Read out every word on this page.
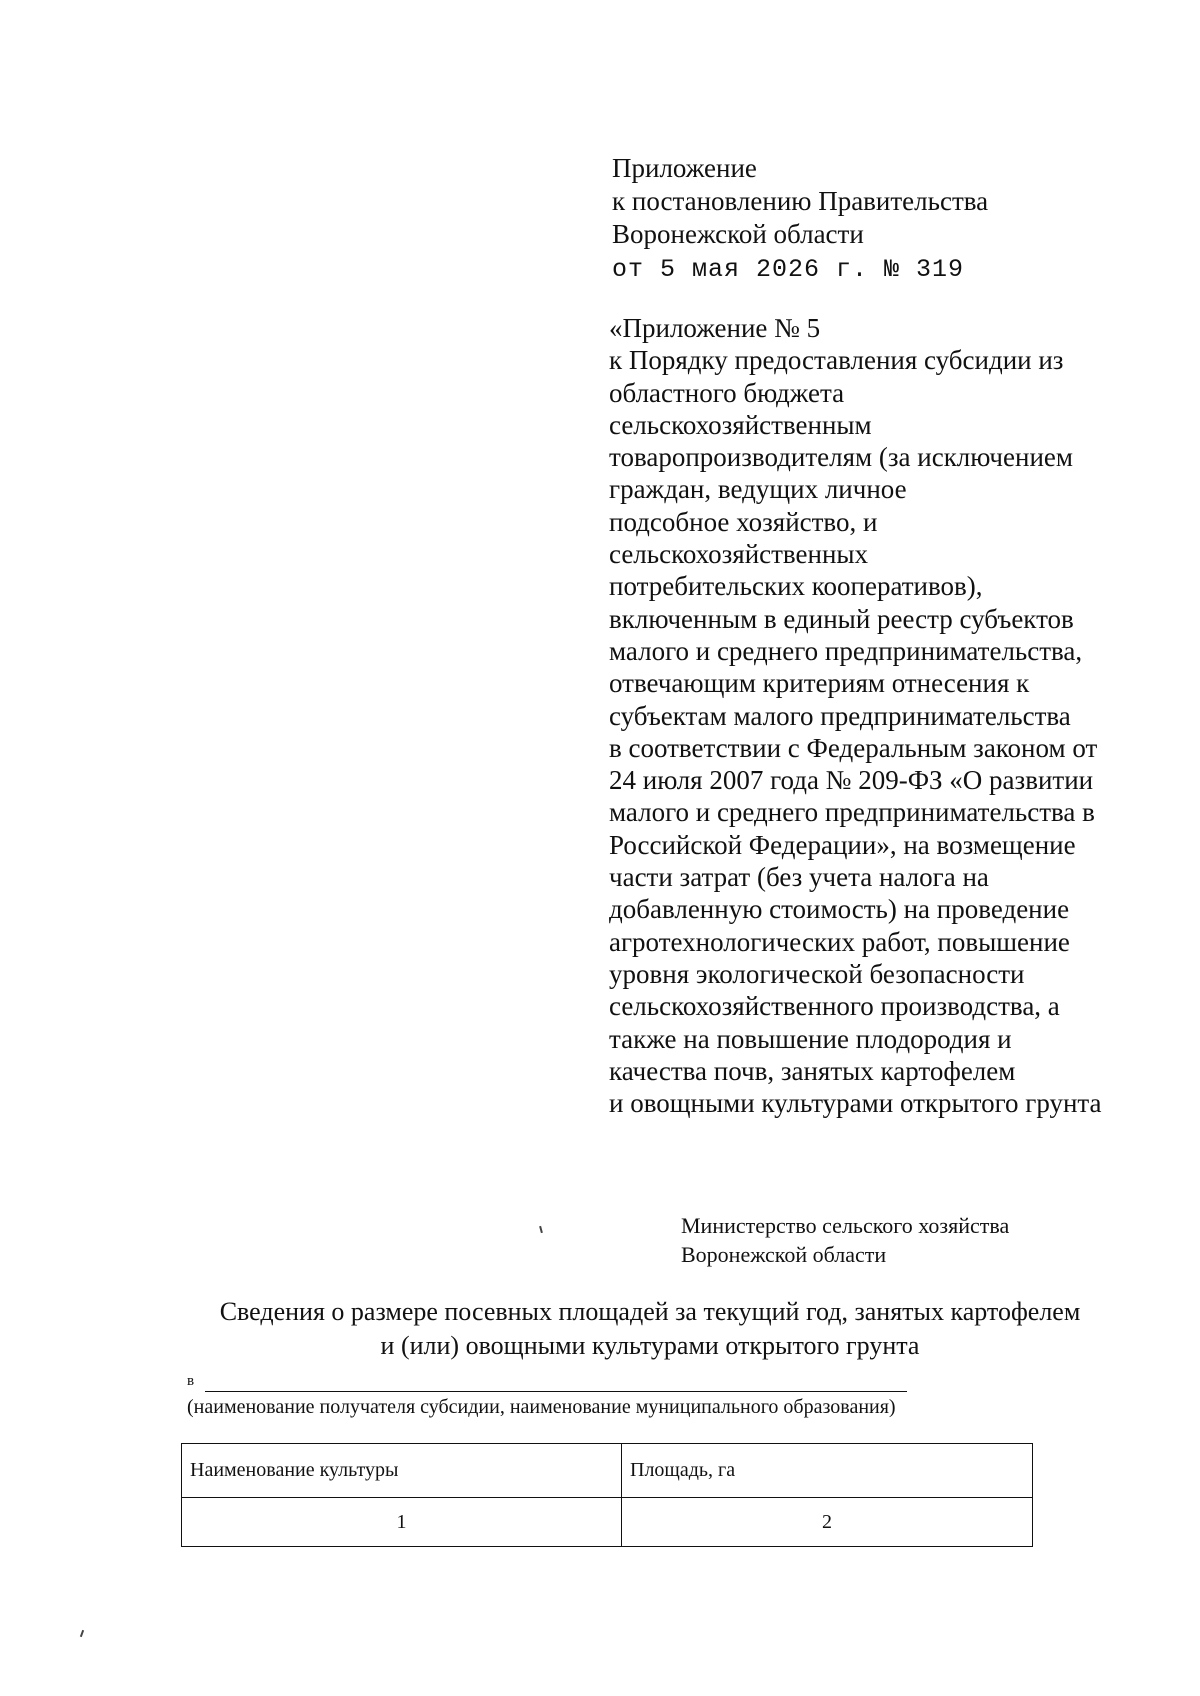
Приложение
к постановлению Правительства
Воронежской области
от 5 мая 2026 г. № 319
«Приложение № 5
к Порядку предоставления субсидии из
областного бюджета
сельскохозяйственным
товаропроизводителям (за исключением
граждан, ведущих личное
подсобное хозяйство, и
сельскохозяйственных
потребительских кооперативов),
включенным в единый реестр субъектов
малого и среднего предпринимательства,
отвечающим критериям отнесения к
субъектам малого предпринимательства
в соответствии с Федеральным законом от
24 июля 2007 года № 209-ФЗ «О развитии
малого и среднего предпринимательства в
Российской Федерации», на возмещение
части затрат (без учета налога на
добавленную стоимость) на проведение
агротехнологических работ, повышение
уровня экологической безопасности
сельскохозяйственного производства, а
также на повышение плодородия и
качества почв, занятых картофелем
и овощными культурами открытого грунта
Министерство сельского хозяйства
Воронежской области
Сведения о размере посевных площадей за текущий год, занятых картофелем
и (или) овощными культурами открытого грунта
в
(наименование получателя субсидии, наименование муниципального образования)
Наименование культуры	Площадь, га
1	2
